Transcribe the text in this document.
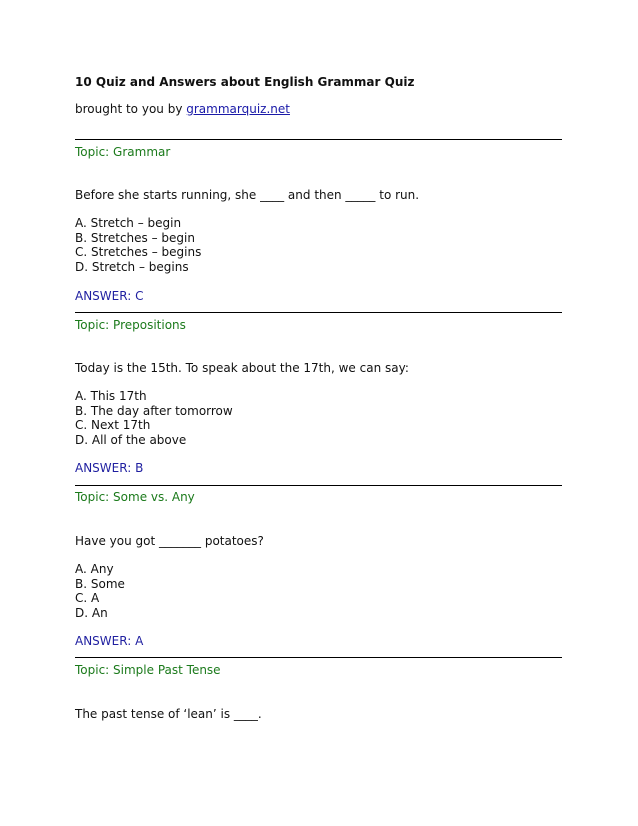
10 Quiz and Answers about English Grammar Quiz
brought to you by grammarquiz.net
Topic: Grammar
Before she starts running, she ____ and then _____ to run.
A. Stretch – begin
B. Stretches – begin
C. Stretches – begins
D. Stretch – begins
ANSWER: C
Topic: Prepositions
Today is the 15th. To speak about the 17th, we can say:
A. This 17th
B. The day after tomorrow
C. Next 17th
D. All of the above
ANSWER: B
Topic: Some vs. Any
Have you got _______ potatoes?
A. Any
B. Some
C. A
D. An
ANSWER: A
Topic: Simple Past Tense
The past tense of ‘lean’ is ____.
